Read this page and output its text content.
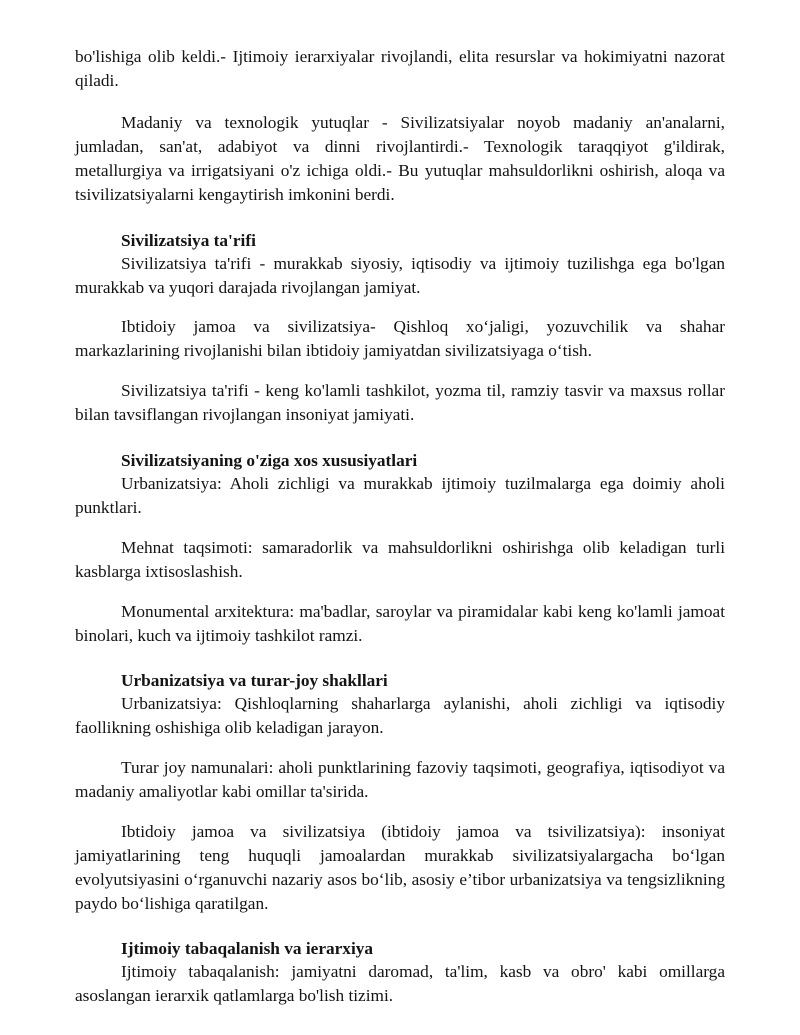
bo'lishiga olib keldi.- Ijtimoiy ierarxiyalar rivojlandi, elita resurslar va hokimiyatni nazorat qiladi.

Madaniy va texnologik yutuqlar - Sivilizatsiyalar noyob madaniy an'analarni, jumladan, san'at, adabiyot va dinni rivojlantirdi.- Texnologik taraqqiyot g'ildirak, metallurgiya va irrigatsiyani o'z ichiga oldi.- Bu yutuqlar mahsuldorlikni oshirish, aloqa va tsivilizatsiyalarni kengaytirish imkonini berdi.

Sivilizatsiya ta'rifi

Sivilizatsiya ta'rifi - murakkab siyosiy, iqtisodiy va ijtimoiy tuzilishga ega bo'lgan murakkab va yuqori darajada rivojlangan jamiyat.

Ibtidoiy jamoa va sivilizatsiya- Qishloq xo‘jaligi, yozuvchilik va shahar markazlarining rivojlanishi bilan ibtidoiy jamiyatdan sivilizatsiyaga o‘tish.

Sivilizatsiya ta'rifi - keng ko'lamli tashkilot, yozma til, ramziy tasvir va maxsus rollar bilan tavsiflangan rivojlangan insoniyat jamiyati.

Sivilizatsiyaning o'ziga xos xususiyatlari

Urbanizatsiya: Aholi zichligi va murakkab ijtimoiy tuzilmalarga ega doimiy aholi punktlari.

Mehnat taqsimoti: samaradorlik va mahsuldorlikni oshirishga olib keladigan turli kasblarga ixtisoslashish.

Monumental arxitektura: ma'badlar, saroylar va piramidalar kabi keng ko'lamli jamoat binolari, kuch va ijtimoiy tashkilot ramzi.

Urbanizatsiya va turar-joy shakllari

Urbanizatsiya: Qishloqlarning shaharlarga aylanishi, aholi zichligi va iqtisodiy faollikning oshishiga olib keladigan jarayon.

Turar joy namunalari: aholi punktlarining fazoviy taqsimoti, geografiya, iqtisodiyot va madaniy amaliyotlar kabi omillar ta'sirida.

Ibtidoiy jamoa va sivilizatsiya (ibtidoiy jamoa va tsivilizatsiya): insoniyat jamiyatlarining teng huquqli jamoalardan murakkab sivilizatsiyalargacha bo‘lgan evolyutsiyasini o‘rganuvchi nazariy asos bo‘lib, asosiy e’tibor urbanizatsiya va tengsizlikning paydo bo‘lishiga qaratilgan.

Ijtimoiy tabaqalanish va ierarxiya

Ijtimoiy tabaqalanish: jamiyatni daromad, ta'lim, kasb va obro' kabi omillarga asoslangan ierarxik qatlamlarga bo'lish tizimi.
